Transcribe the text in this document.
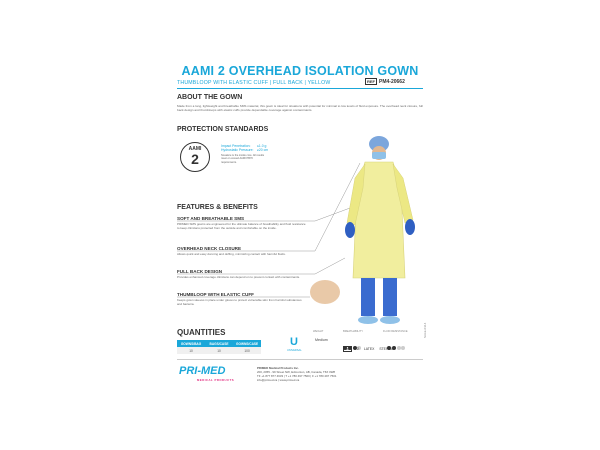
AAMI 2 OVERHEAD ISOLATION GOWN
THUMBLOOP WITH ELASTIC CUFF | FULL BACK | YELLOW	REF PM4-20662
ABOUT THE GOWN
Made from a long, lightweight and breathable SMS material, this gown is ideal for situations with potential for minimal to low levels of fluid exposure. The overhead neck closure, full back design and thumbloops with elastic cuffs provide dependable coverage against contaminants.
PROTECTION STANDARDS
AAMI
2
Impact Penetration: ≤1.0 g
Hydrostatic Pressure: ≥20 cm
Novalere is the inside core. All results meet or exceed AAMI PB70 requirements.
FEATURES & BENEFITS
SOFT AND BREATHABLE SMS
PRIMED SMS gowns are engineered for the ultimate balance of breathability and fluid resistance to keep clinicians protected from the outside and comfortable on the inside.
OVERHEAD NECK CLOSURE
Allows quick and easy donning and doffing, minimizing contact with harmful fluids.
FULL BACK DESIGN
Provides enhanced coverage clinicians can depend on to prevent contact with contaminants.
THUMBLOOP WITH ELASTIC CUFF
Keeps gown sleeves in place under gloves to protect vulnerable skin from harmful substances and bacteria.
QUANTITIES
GOWNS/BAG	BAGS/CASE	GOWNS/CASE
10	10	100
U
UNIVERSAL
WEIGHT
Medium
BREATHABILITY	FLUID RESISTANCE
NO 2 LATEX STERILE
PRI-MED
MEDICAL PRODUCTS
PRIMED Medical Products Inc.
200, 2055 - 99 Street NW, Edmonton, AB, Canada, T6X 0W8
TF +1 877 877 4633 | T +1 780 497 7500 | F +1 780 497 7501
info@primed.ca | www.primed.ca
SALE-0314
